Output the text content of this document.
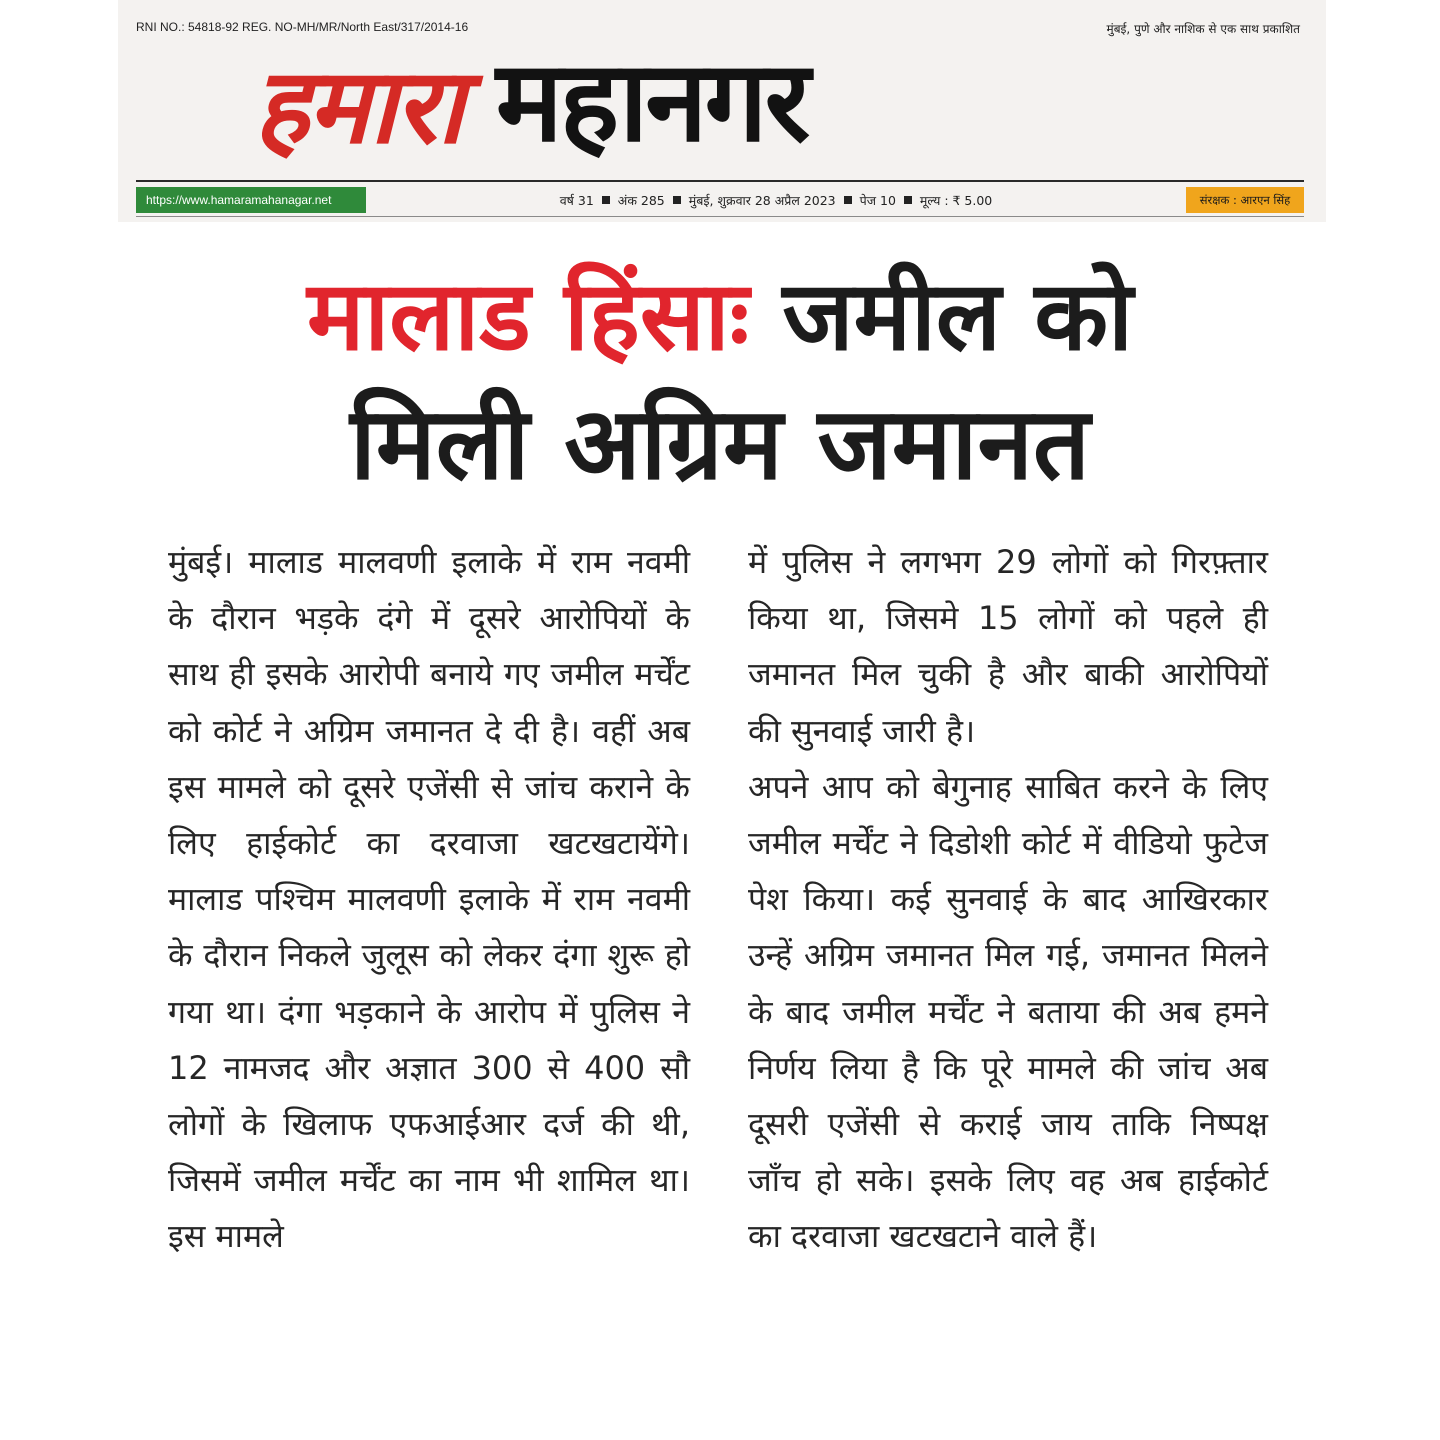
RNI NO.: 54818-92 REG. NO-MH/MR/North East/317/2014-16	मुंबई, पुणे और नाशिक से एक साथ प्रकाशित
हमारा महानगर
https://www.hamaramahanagar.net	वर्ष 31 अंक 285 मुंबई, शुक्रवार 28 अप्रैल 2023 पेज 10 मूल्य : ₹ 5.00	संरक्षक : आरएन सिंह
मालाड हिंसाः जमील को
मिली अग्रिम जमानत
मुंबई। मालाड मालवणी इलाके में राम नवमी के दौरान भड़के दंगे में दूसरे आरोपियों के साथ ही इसके आरोपी बनाये गए जमील मर्चेंट को कोर्ट ने अग्रिम जमानत दे दी है। वहीं अब इस मामले को दूसरे एजेंसी से जांच कराने के लिए हाईकोर्ट का दरवाजा खटखटायेंगे। मालाड पश्चिम मालवणी इलाके में राम नवमी के दौरान निकले जुलूस को लेकर दंगा शुरू हो गया था। दंगा भड़काने के आरोप में पुलिस ने 12 नामजद और अज्ञात 300 से 400 सौ लोगों के खिलाफ एफआईआर दर्ज की थी, जिसमें जमील मर्चेंट का नाम भी शामिल था। इस मामले
में पुलिस ने लगभग 29 लोगों को गिरफ़्तार किया था, जिसमे 15 लोगों को पहले ही जमानत मिल चुकी है और बाकी आरोपियों की सुनवाई जारी है।
अपने आप को बेगुनाह साबित करने के लिए जमील मर्चेंट ने दिडोशी कोर्ट में वीडियो फुटेज पेश किया। कई सुनवाई के बाद आखिरकार उन्हें अग्रिम जमानत मिल गई, जमानत मिलने के बाद जमील मर्चेंट ने बताया की अब हमने निर्णय लिया है कि पूरे मामले की जांच अब दूसरी एजेंसी से कराई जाय ताकि निष्पक्ष जाँच हो सके। इसके लिए वह अब हाईकोर्ट का दरवाजा खटखटाने वाले हैं।
